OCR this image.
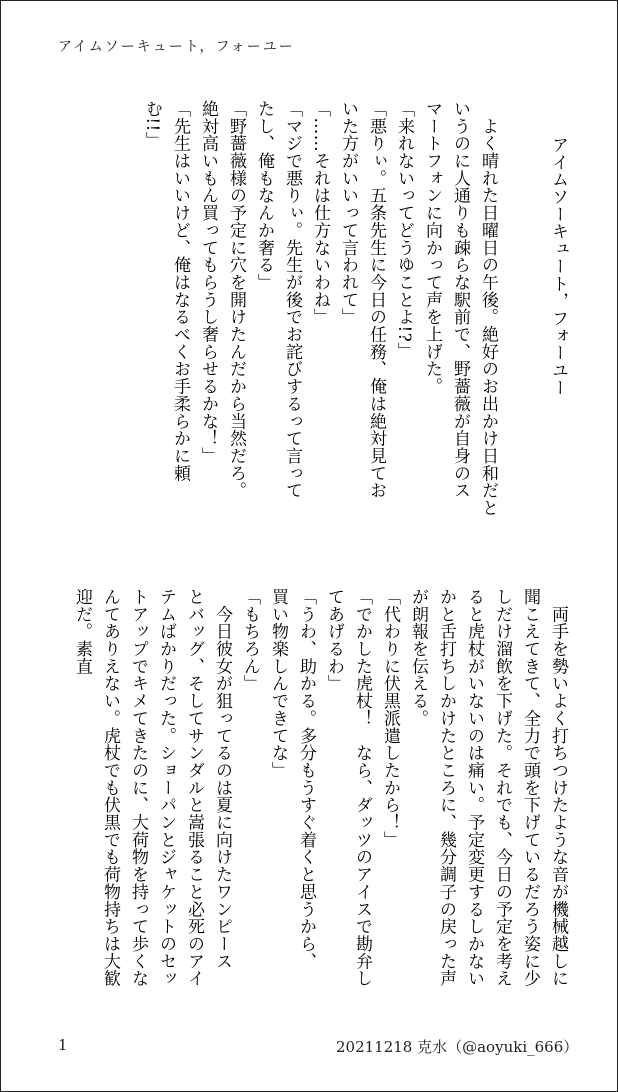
アイムソーキュート，フォーユー

アイムソーキュート，フォーユー

　よく晴れた日曜日の午後。絶好のお出かけ日和だと

いうのに人通りも疎らな駅前で、野薔薇が自身のス

マートフォンに向かって声を上げた。

「来れないってどうゆことよ!?」

「悪りぃ。五条先生に今日の任務、俺は絶対見てお

いた方がいいって言われて」

「……それは仕方ないわね」

「マジで悪りぃ。先生が後でお詫びするって言って

たし、俺もなんか奢る」

「野薔薇様の予定に穴を開けたんだから当然だろ。

絶対高いもん買ってもらうし奢らせるかな！」

「先生はいいけど、俺はなるべくお手柔らかに頼

む!!」

　両手を勢いよく打ちつけたような音が機械越しに

聞こえてきて、全力で頭を下げているだろう姿に少

しだけ溜飲を下げた。それでも、今日の予定を考え

ると虎杖がいないのは痛い。予定変更するしかない

かと舌打ちしかけたところに、幾分調子の戻った声

が朗報を伝える。

「代わりに伏黒派遣したから！」

「でかした虎杖！　なら、ダッツのアイスで勘弁し

てあげるわ」

「うわ、助かる。多分もうすぐ着くと思うから、

買い物楽しんできてな」

「もちろん」

　今日彼女が狙ってるのは夏に向けたワンピース

とバッグ、そしてサンダルと嵩張ること必死のアイ

テムばかりだった。ショーパンとジャケットのセッ

トアップでキメてきたのに、大荷物を持って歩くな

んてありえない。虎杖でも伏黒でも荷物持ちは大歓

迎だ。素直

1	20211218 克水（@aoyuki_666）
